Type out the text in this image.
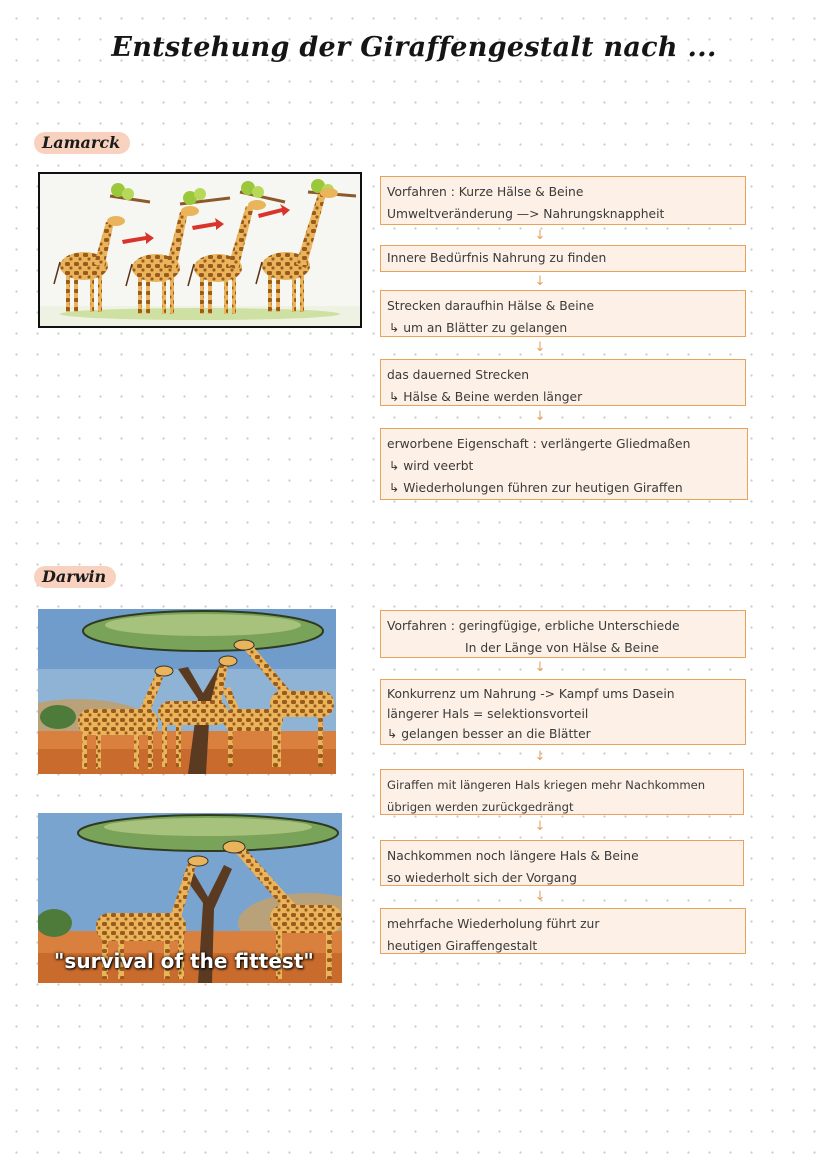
Entstehung der Giraffengestalt nach ...
Lamarck
Vorfahren : Kurze Hälse & Beine
Umweltveränderung —> Nahrungsknappheit
↓
Innere Bedürfnis Nahrung zu finden
↓
Strecken daraufhin Hälse & Beine
↳ um an Blätter zu gelangen
↓
das dauerned Strecken
↳ Hälse & Beine werden länger
↓
erworbene Eigenschaft : verlängerte Gliedmaßen
↳ wird veerbt
↳ Wiederholungen führen zur heutigen Giraffen
Darwin
"survival of the fittest"
Vorfahren : geringfügige, erbliche Unterschiede
In der Länge von Hälse & Beine
↓
Konkurrenz um Nahrung -> Kampf ums Dasein
längerer Hals = selektionsvorteil
↳ gelangen besser an die Blätter
↓
Giraffen mit längeren Hals kriegen mehr Nachkommen
übrigen werden zurückgedrängt
↓
Nachkommen noch längere Hals & Beine
so wiederholt sich der Vorgang
↓
mehrfache Wiederholung führt zur
heutigen Giraffengestalt
